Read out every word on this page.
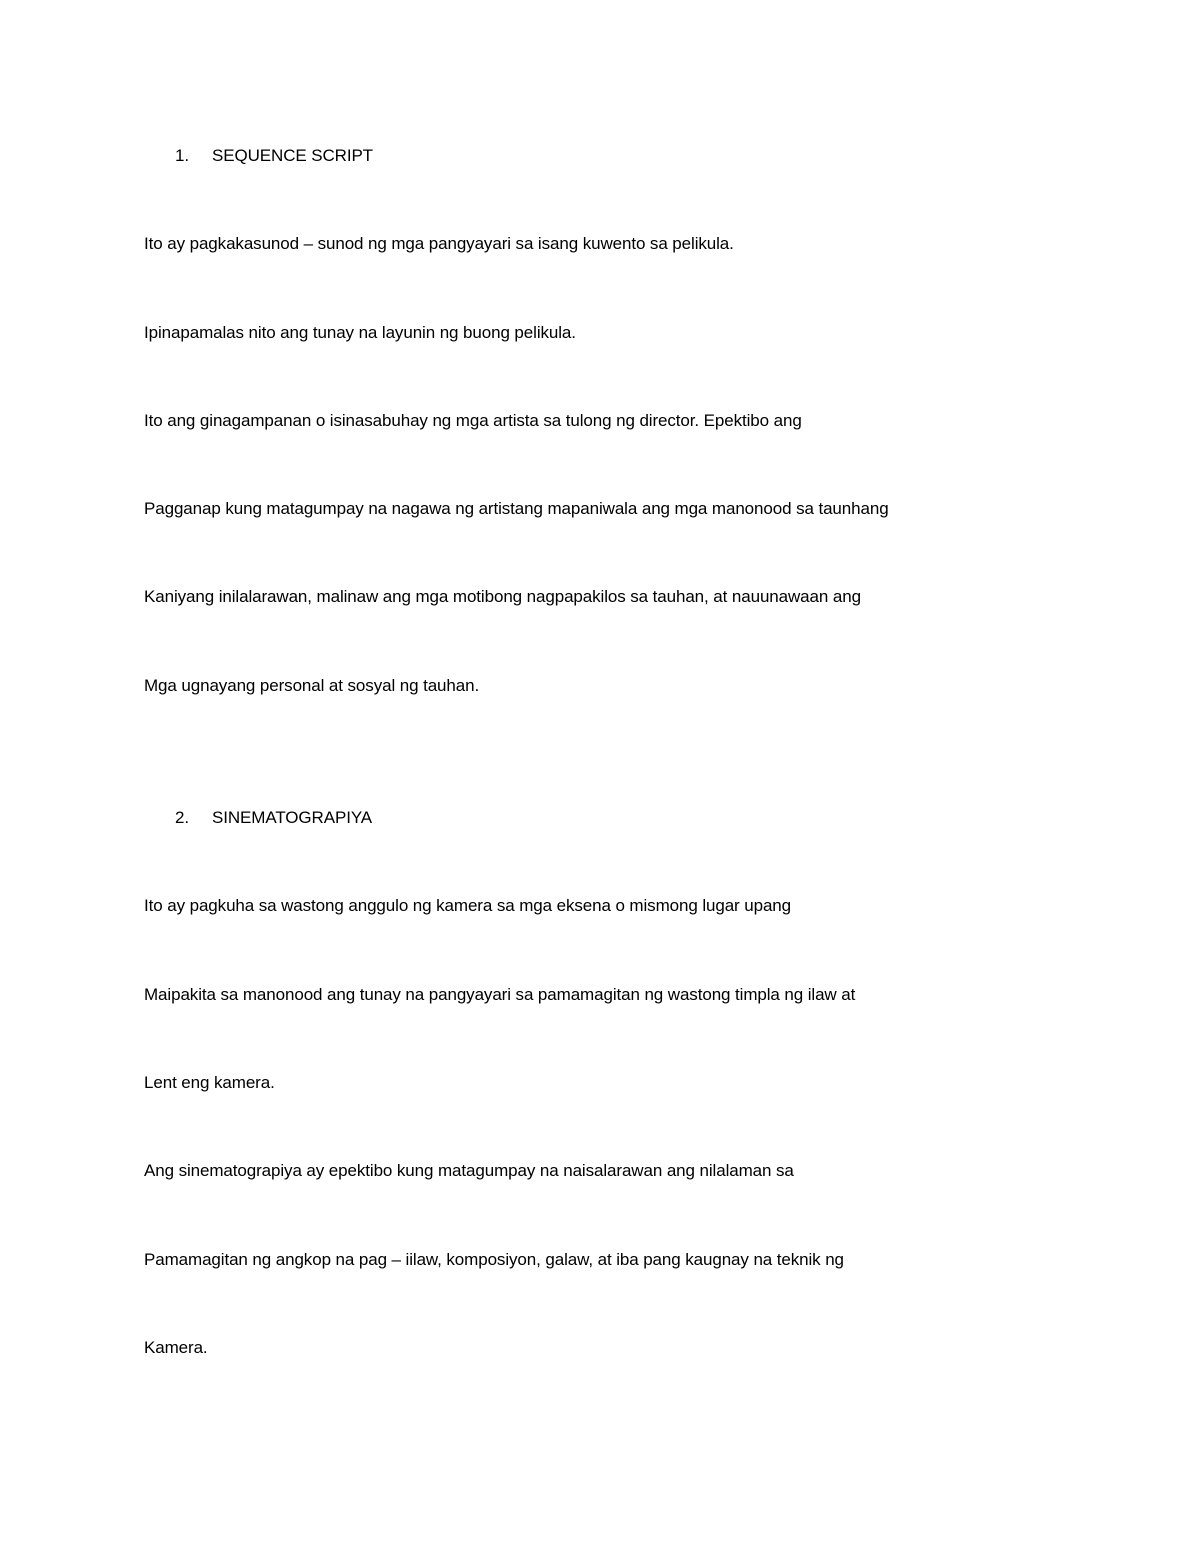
1. SEQUENCE SCRIPT
Ito ay pagkakasunod – sunod ng mga pangyayari sa isang kuwento sa pelikula.
Ipinapamalas nito ang tunay na layunin ng buong pelikula.
Ito ang ginagampanan o isinasabuhay ng mga artista sa tulong ng director. Epektibo ang
Pagganap kung matagumpay na nagawa ng artistang mapaniwala ang mga manonood sa taunhang
Kaniyang inilalarawan, malinaw ang mga motibong nagpapakilos sa tauhan, at nauunawaan ang
Mga ugnayang personal at sosyal ng tauhan.
2. SINEMATOGRAPIYA
Ito ay pagkuha sa wastong anggulo ng kamera sa mga eksena o mismong lugar upang
Maipakita sa manonood ang tunay na pangyayari sa pamamagitan ng wastong timpla ng ilaw at
Lent eng kamera.
Ang sinematograpiya ay epektibo kung matagumpay na naisalarawan ang nilalaman sa
Pamamagitan ng angkop na pag – iilaw, komposiyon, galaw, at iba pang kaugnay na teknik ng
Kamera.
